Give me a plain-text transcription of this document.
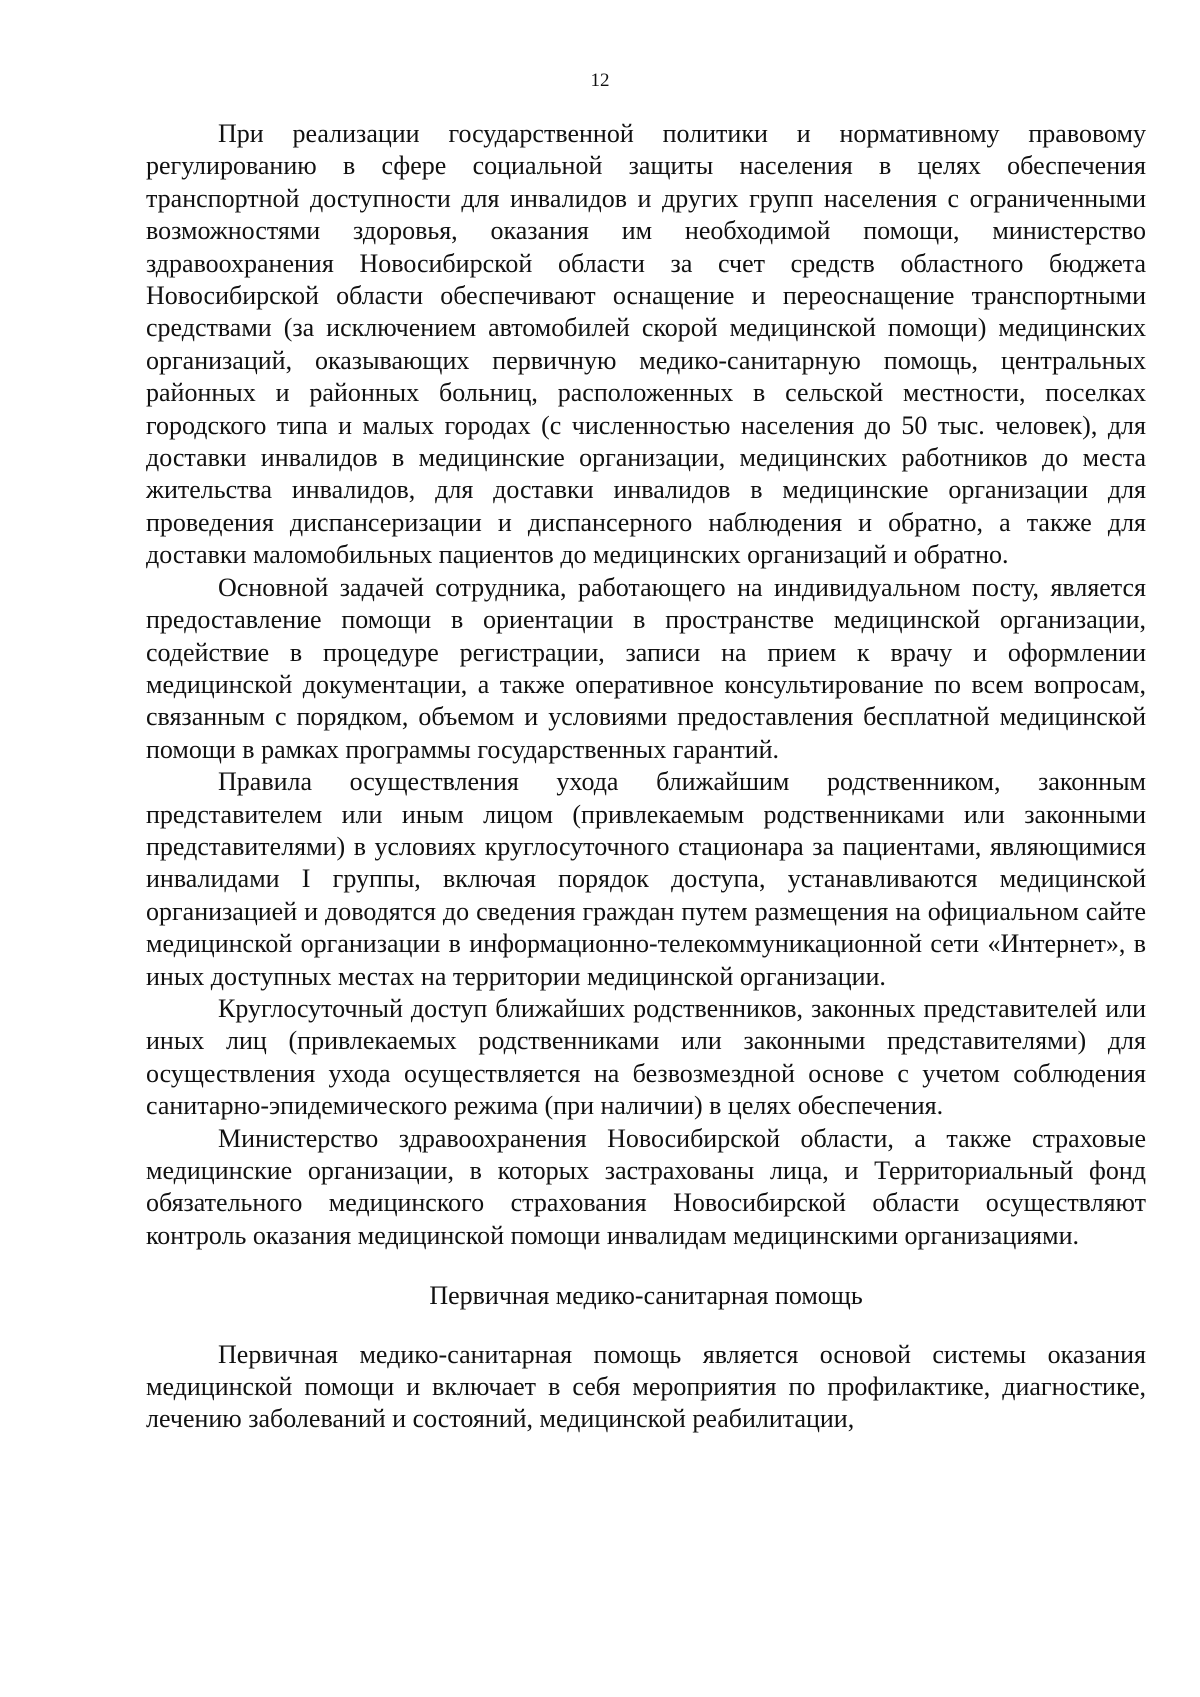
12

При реализации государственной политики и нормативному правовому регулированию в сфере социальной защиты населения в целях обеспечения транспортной доступности для инвалидов и других групп населения с ограниченными возможностями здоровья, оказания им необходимой помощи, министерство здравоохранения Новосибирской области за счет средств областного бюджета Новосибирской области обеспечивают оснащение и переоснащение транспортными средствами (за исключением автомобилей скорой медицинской помощи) медицинских организаций, оказывающих первичную медико-санитарную помощь, центральных районных и районных больниц, расположенных в сельской местности, поселках городского типа и малых городах (с численностью населения до 50 тыс. человек), для доставки инвалидов в медицинские организации, медицинских работников до места жительства инвалидов, для доставки инвалидов в медицинские организации для проведения диспансеризации и диспансерного наблюдения и обратно, а также для доставки маломобильных пациентов до медицинских организаций и обратно.

Основной задачей сотрудника, работающего на индивидуальном посту, является предоставление помощи в ориентации в пространстве медицинской организации, содействие в процедуре регистрации, записи на прием к врачу и оформлении медицинской документации, а также оперативное консультирование по всем вопросам, связанным с порядком, объемом и условиями предоставления бесплатной медицинской помощи в рамках программы государственных гарантий.

Правила осуществления ухода ближайшим родственником, законным представителем или иным лицом (привлекаемым родственниками или законными представителями) в условиях круглосуточного стационара за пациентами, являющимися инвалидами I группы, включая порядок доступа, устанавливаются медицинской организацией и доводятся до сведения граждан путем размещения на официальном сайте медицинской организации в информационно-телекоммуникационной сети «Интернет», в иных доступных местах на территории медицинской организации.

Круглосуточный доступ ближайших родственников, законных представителей или иных лиц (привлекаемых родственниками или законными представителями) для осуществления ухода осуществляется на безвозмездной основе с учетом соблюдения санитарно-эпидемического режима (при наличии) в целях обеспечения.

Министерство здравоохранения Новосибирской области, а также страховые медицинские организации, в которых застрахованы лица, и Территориальный фонд обязательного медицинского страхования Новосибирской области осуществляют контроль оказания медицинской помощи инвалидам медицинскими организациями.

Первичная медико-санитарная помощь

Первичная медико-санитарная помощь является основой системы оказания медицинской помощи и включает в себя мероприятия по профилактике, диагностике, лечению заболеваний и состояний, медицинской реабилитации,
